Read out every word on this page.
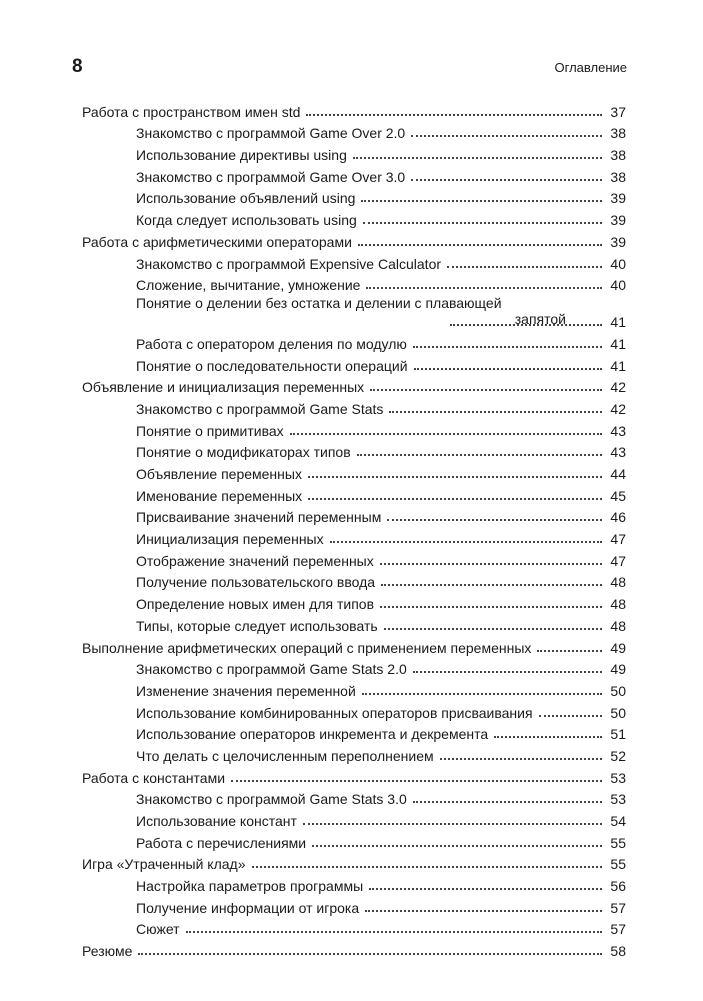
8	Оглавление
Работа с пространством имен std	37
Знакомство с программой Game Over 2.0	38
Использование директивы using	38
Знакомство с программой Game Over 3.0	38
Использование объявлений using	39
Когда следует использовать using	39
Работа с арифметическими операторами	39
Знакомство с программой Expensive Calculator	40
Сложение, вычитание, умножение	40
Понятие о делении без остатка и делении с плавающей
запятой	41
Работа с оператором деления по модулю	41
Понятие о последовательности операций	41
Объявление и инициализация переменных	42
Знакомство с программой Game Stats	42
Понятие о примитивах	43
Понятие о модификаторах типов	43
Объявление переменных	44
Именование переменных	45
Присваивание значений переменным	46
Инициализация переменных	47
Отображение значений переменных	47
Получение пользовательского ввода	48
Определение новых имен для типов	48
Типы, которые следует использовать	48
Выполнение арифметических операций с применением переменных	49
Знакомство с программой Game Stats 2.0	49
Изменение значения переменной	50
Использование комбинированных операторов присваивания	50
Использование операторов инкремента и декремента	51
Что делать с целочисленным переполнением	52
Работа с константами	53
Знакомство с программой Game Stats 3.0	53
Использование констант	54
Работа с перечислениями	55
Игра «Утраченный клад»	55
Настройка параметров программы	56
Получение информации от игрока	57
Сюжет	57
Резюме	58
